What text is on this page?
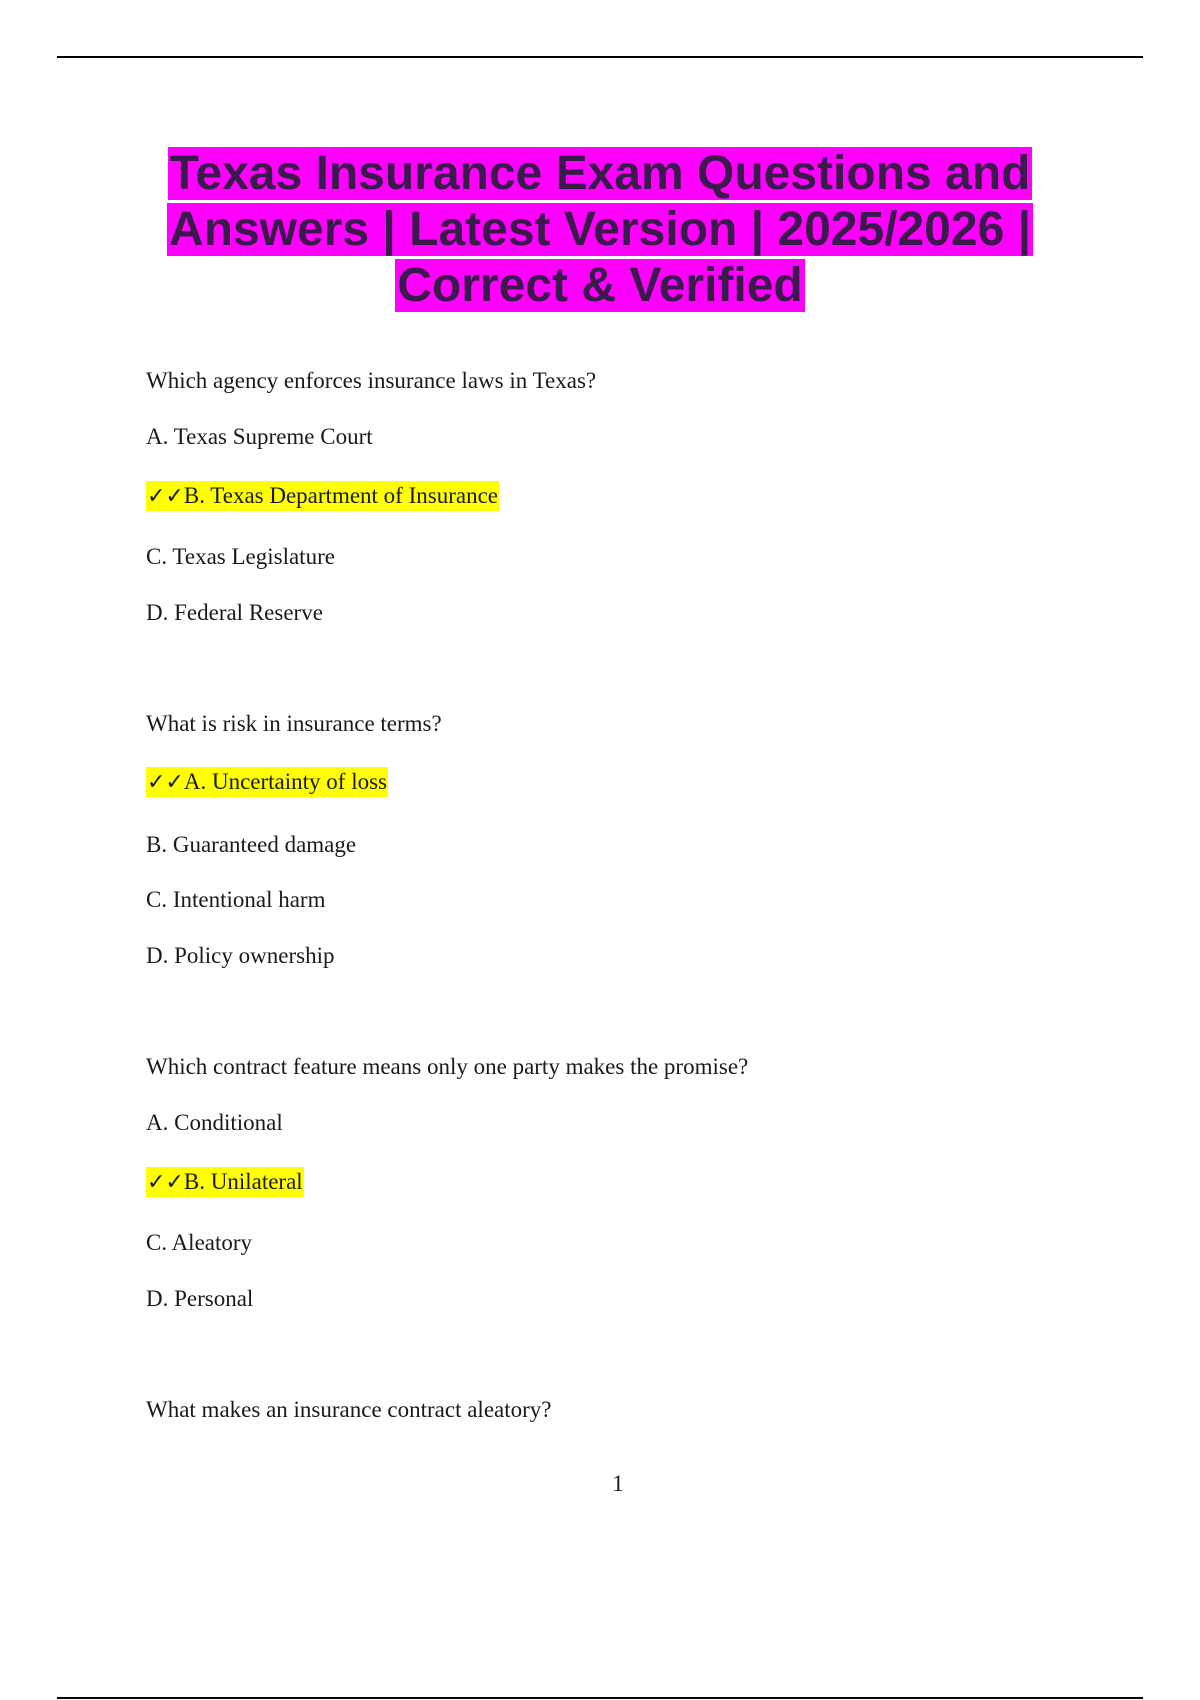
Texas Insurance Exam Questions and
Answers | Latest Version | 2025/2026 |
Correct & Verified
Which agency enforces insurance laws in Texas?
A. Texas Supreme Court
✓✓B. Texas Department of Insurance
C. Texas Legislature
D. Federal Reserve
What is risk in insurance terms?
✓✓A. Uncertainty of loss
B. Guaranteed damage
C. Intentional harm
D. Policy ownership
Which contract feature means only one party makes the promise?
A. Conditional
✓✓B. Unilateral
C. Aleatory
D. Personal
What makes an insurance contract aleatory?
1
